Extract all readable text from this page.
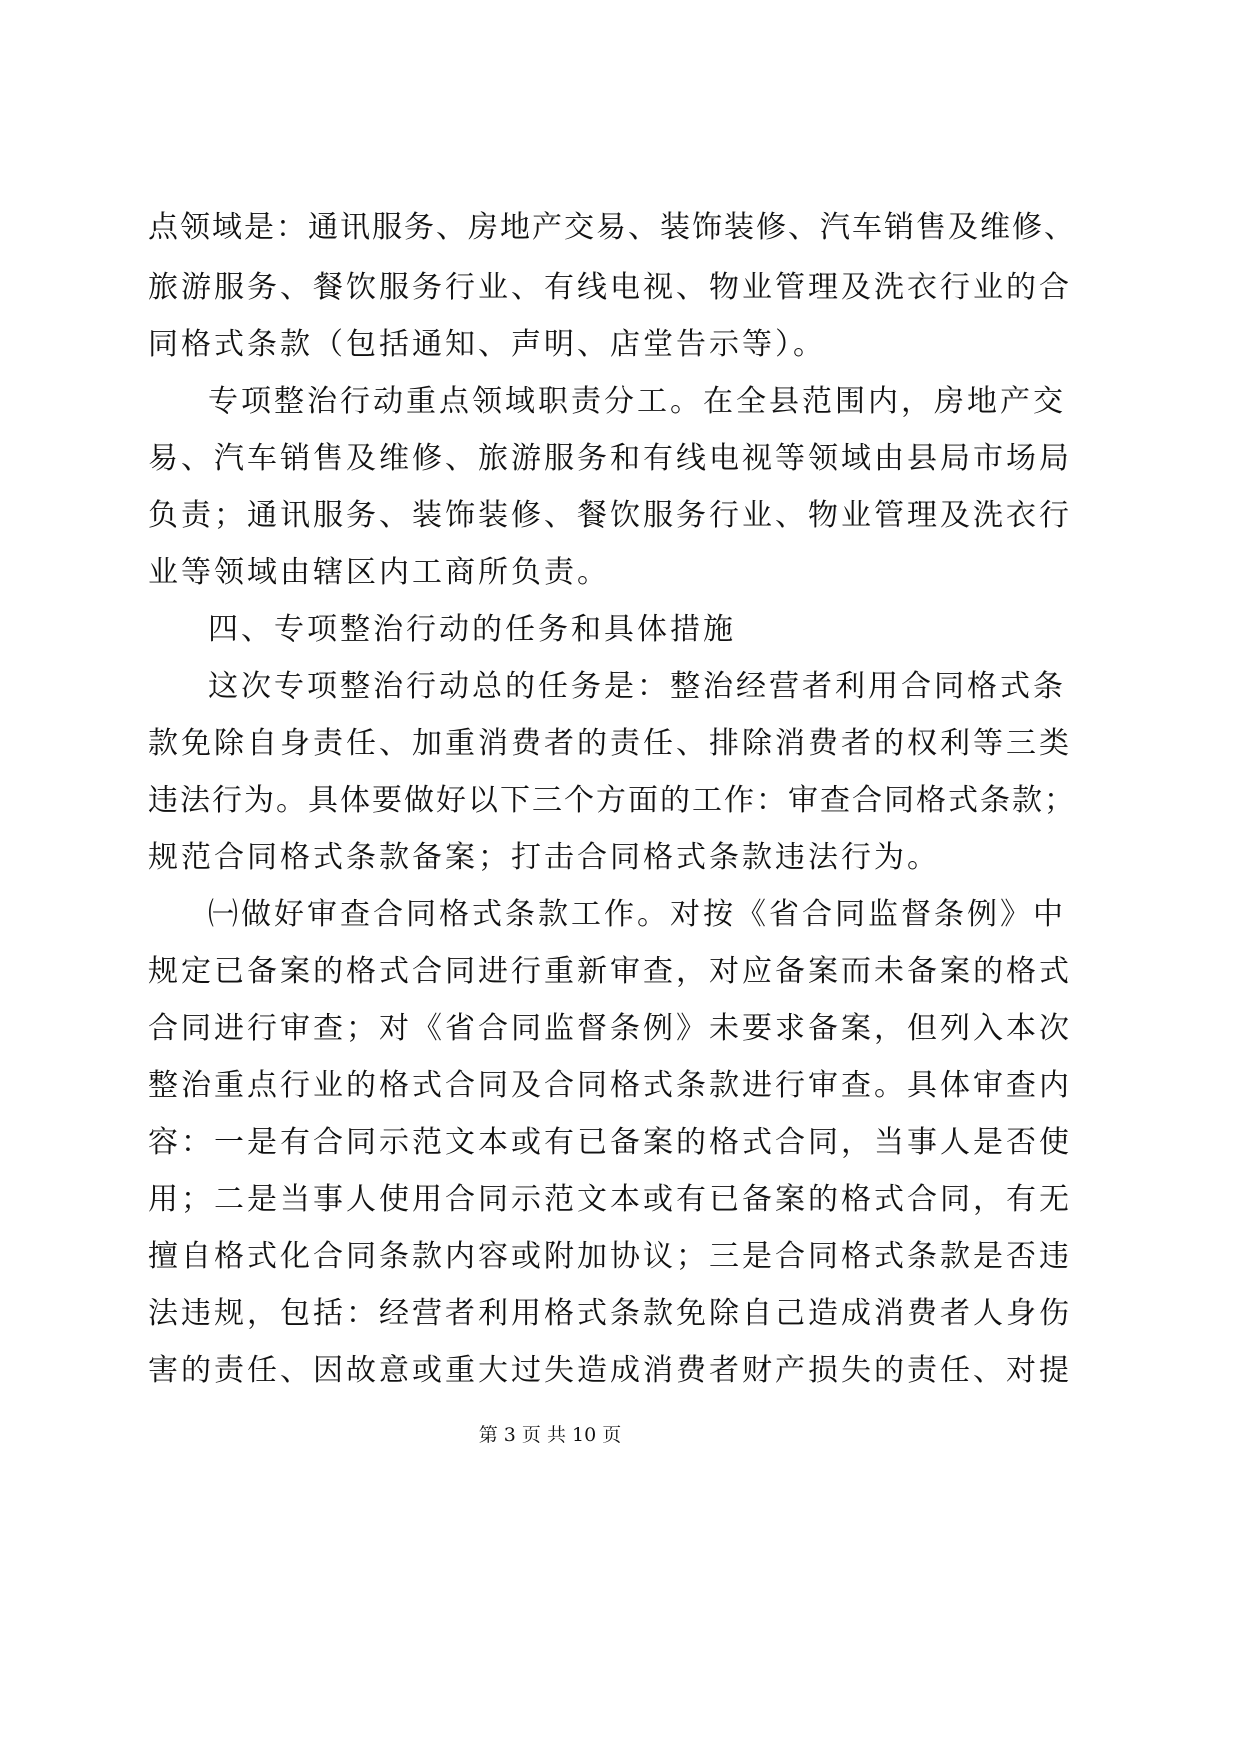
点领域是：通讯服务、房地产交易、装饰装修、汽车销售及维修、

旅游服务、餐饮服务行业、有线电视、物业管理及洗衣行业的合

同格式条款（包括通知、声明、店堂告示等）。

专项整治行动重点领域职责分工。在全县范围内，房地产交

易、汽车销售及维修、旅游服务和有线电视等领域由县局市场局

负责；通讯服务、装饰装修、餐饮服务行业、物业管理及洗衣行

业等领域由辖区内工商所负责。

四、专项整治行动的任务和具体措施

这次专项整治行动总的任务是：整治经营者利用合同格式条

款免除自身责任、加重消费者的责任、排除消费者的权利等三类

违法行为。具体要做好以下三个方面的工作：审查合同格式条款；

规范合同格式条款备案；打击合同格式条款违法行为。

㈠做好审查合同格式条款工作。对按《省合同监督条例》中

规定已备案的格式合同进行重新审查，对应备案而未备案的格式

合同进行审查；对《省合同监督条例》未要求备案，但列入本次

整治重点行业的格式合同及合同格式条款进行审查。具体审查内

容：一是有合同示范文本或有已备案的格式合同，当事人是否使

用；二是当事人使用合同示范文本或有已备案的格式合同，有无

擅自格式化合同条款内容或附加协议；三是合同格式条款是否违

法违规，包括：经营者利用格式条款免除自己造成消费者人身伤

害的责任、因故意或重大过失造成消费者财产损失的责任、对提

第 3 页 共 10 页
